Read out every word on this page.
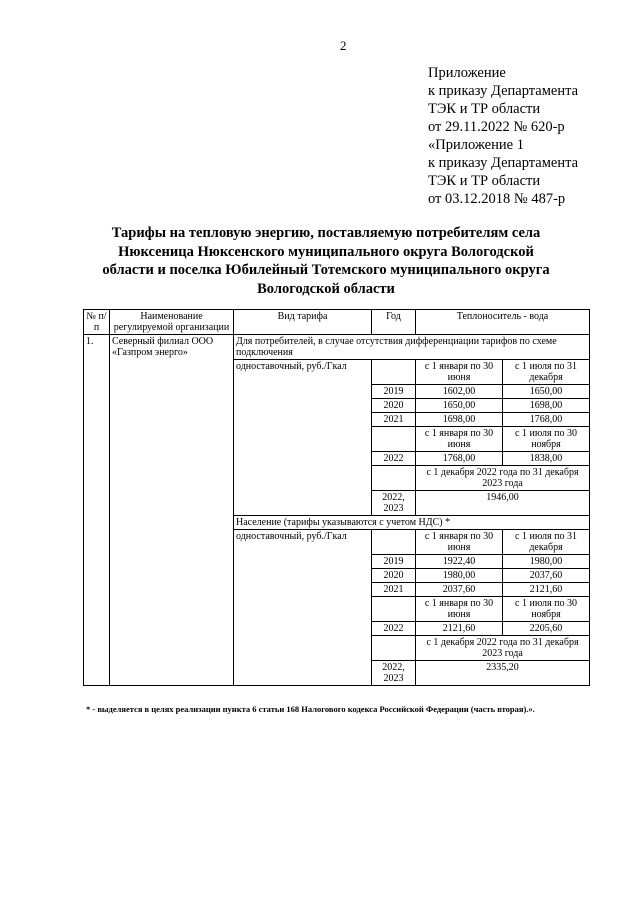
2
Приложение
к приказу Департамента
ТЭК и ТР области
от 29.11.2022 № 620-р
«Приложение 1
к приказу Департамента
ТЭК и ТР области
от 03.12.2018 № 487-р
Тарифы на тепловую энергию, поставляемую потребителям села Нюксеница Нюксенского муниципального округа Вологодской области и поселка Юбилейный Тотемского муниципального округа Вологодской области
№ п/п	Наименование регулируемой организации	Вид тарифа	Год	Теплоноситель - вода	
1.	Северный филиал ООО «Газпром энерго»	Для потребителей, в случае отсутствия дифференциации тарифов по схеме подключения			
		одноставочный, руб./Гкал		с 1 января по 30 июня	с 1 июля по 31 декабря
			2019	1602,00	1650,00
			2020	1650,00	1698,00
			2021	1698,00	1768,00
				с 1 января по 30 июня	с 1 июля по 30 ноября
			2022	1768,00	1838,00
				с 1 декабря 2022 года по 31 декабря 2023 года	
			2022, 2023	1946,00	
		Население (тарифы указываются с учетом НДС) *			
		одноставочный, руб./Гкал		с 1 января по 30 июня	с 1 июля по 31 декабря
			2019	1922,40	1980,00
			2020	1980,00	2037,60
			2021	2037,60	2121,60
				с 1 января по 30 июня	с 1 июля по 30 ноября
			2022	2121,60	2205,60
				с 1 декабря 2022 года по 31 декабря 2023 года	
			2022, 2023	2335,20	
* - выделяется в целях реализации пункта 6 статьи 168 Налогового кодекса Российской Федерации (часть вторая).».
